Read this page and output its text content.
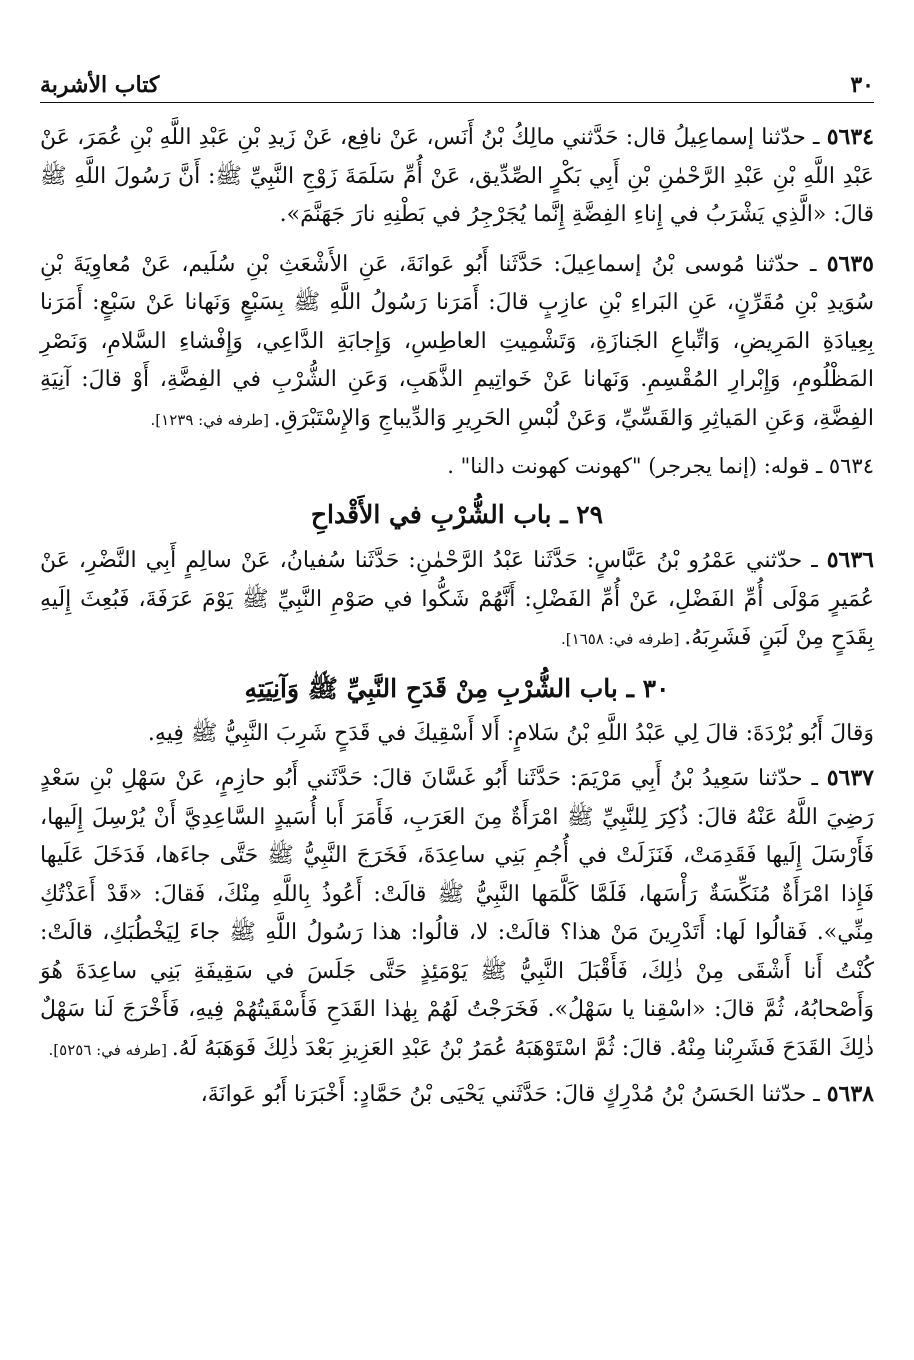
٣٠
كتاب الأشربة

٥٦٣٤ ـ حدّثنا إسماعِيلُ قال: حَدَّثني مالِكُ بْنُ أَنَس، عَنْ نافِع، عَنْ زَيدِ بْنِ عَبْدِ اللَّهِ بْنِ عُمَرَ، عَنْ عَبْدِ اللَّهِ بْنِ عَبْدِ الرَّحْمٰنِ بْنِ أَبِي بَكْرٍ الصِّدِّيق، عَنْ أُمِّ سَلَمَةَ زَوْجِ النَّبِيِّ ﷺ: أَنَّ رَسُولَ اللَّهِ ﷺ قالَ: «الَّذِي يَشْرَبُ في إِناءِ الفِضَّةِ إِنَّما يُجَرْجِرُ في بَطْنِهِ نارَ جَهَنَّمَ».

٥٦٣٥ ـ حدّثنا مُوسى بْنُ إسماعِيلَ: حَدَّثَنا أَبُو عَوانَةَ، عَنِ الأَشْعَثِ بْنِ سُلَيم، عَنْ مُعاوِيَةَ بْنِ سُوَيدِ بْنِ مُقَرِّنٍ، عَنِ البَراءِ بْنِ عازِبٍ قالَ: أَمَرَنا رَسُولُ اللَّهِ ﷺ بِسَبْعٍ وَنَهانا عَنْ سَبْعٍ: أَمَرَنا بِعِيادَةِ المَرِيضِ، وَاتِّباعِ الجَنازَةِ، وَتَشْمِيتِ العاطِسِ، وَإِجابَةِ الدَّاعِي، وَإِفْشاءِ السَّلامِ، وَنَصْرِ المَظْلُومِ، وَإِبْرارِ المُقْسِمِ. وَنَهانا عَنْ خَواتِيمِ الذَّهَبِ، وَعَنِ الشُّرْبِ في الفِضَّةِ، أَوْ قالَ: آنِيَةِ الفِضَّةِ، وَعَنِ المَياثِرِ وَالقَسِّيِّ، وَعَنْ لُبْسِ الحَرِيرِ وَالدِّيباجِ وَالإِسْتَبْرَقِ. [طرفه في: ١٢٣٩].

٥٦٣٤ ـ قوله: (إنما يجرجر) "كهونت كهونت دالنا" .

٢٩ ـ باب الشُّرْبِ في الأَقْداحِ

٥٦٣٦ ـ حدّثني عَمْرُو بْنُ عَبَّاسٍ: حَدَّثَنا عَبْدُ الرَّحْمٰنِ: حَدَّثَنا سُفيانُ، عَنْ سالِمٍ أَبِي النَّضْرِ، عَنْ عُمَيرٍ مَوْلَى أُمِّ الفَضْلِ، عَنْ أُمِّ الفَضْلِ: أَنَّهُمْ شَكُّوا في صَوْمِ النَّبِيِّ ﷺ يَوْمَ عَرَفَةَ، فَبُعِثَ إِلَيهِ بِقَدَحٍ مِنْ لَبَنٍ فَشَرِبَهُ. [طرفه في: ١٦٥٨].

٣٠ ـ باب الشُّرْبِ مِنْ قَدَحِ النَّبِيِّ ﷺ وَآنِيَتِهِ

وَقالَ أَبُو بُرْدَةَ: قالَ لِي عَبْدُ اللَّهِ بْنُ سَلامٍ: أَلا أَسْقِيكَ في قَدَحٍ شَرِبَ النَّبِيُّ ﷺ فِيهِ.

٥٦٣٧ ـ حدّثنا سَعِيدُ بْنُ أَبِي مَرْيَمَ: حَدَّثَنا أَبُو غَسَّانَ قالَ: حَدَّثَني أَبُو حازِمٍ، عَنْ سَهْلِ بْنِ سَعْدٍ رَضِيَ اللَّهُ عَنْهُ قالَ: ذُكِرَ لِلنَّبِيِّ ﷺ امْرَأَةٌ مِنَ العَرَبِ، فَأَمَرَ أَبا أُسَيدٍ السَّاعِدِيَّ أَنْ يُرْسِلَ إِلَيها، فَأَرْسَلَ إِلَيها فَقَدِمَتْ، فَنَزَلَتْ في أُجُمِ بَنِي ساعِدَةَ، فَخَرَجَ النَّبِيُّ ﷺ حَتَّى جاءَها، فَدَخَلَ عَلَيها فَإِذا امْرَأَةٌ مُنَكِّسَةٌ رَأْسَها، فَلَمَّا كَلَّمَها النَّبِيُّ ﷺ قالَتْ: أَعُوذُ بِاللَّهِ مِنْكَ، فَقالَ: «قَدْ أَعَذْتُكِ مِنِّي». فَقالُوا لَها: أَتَدْرِينَ مَنْ هذا؟ قالَتْ: لا، قالُوا: هذا رَسُولُ اللَّهِ ﷺ جاءَ لِيَخْطُبَكِ، قالَتْ: كُنْتُ أَنا أَشْقَى مِنْ ذٰلِكَ، فَأَقْبَلَ النَّبِيُّ ﷺ يَوْمَئِذٍ حَتَّى جَلَسَ في سَقِيفَةِ بَنِي ساعِدَةَ هُوَ وَأَصْحابُهُ، ثُمَّ قالَ: «اسْقِنا يا سَهْلُ». فَخَرَجْتُ لَهُمْ بِهٰذا القَدَحِ فَأَسْقَيتُهُمْ فِيهِ، فَأَخْرَجَ لَنا سَهْلٌ ذٰلِكَ القَدَحَ فَشَرِبْنا مِنْهُ. قالَ: ثُمَّ اسْتَوْهَبَهُ عُمَرُ بْنُ عَبْدِ العَزِيزِ بَعْدَ ذٰلِكَ فَوَهَبَهُ لَهُ. [طرفه في: ٥٢٥٦].

٥٦٣٨ ـ حدّثنا الحَسَنُ بْنُ مُدْرِكٍ قالَ: حَدَّثَني يَحْيَى بْنُ حَمَّادٍ: أَخْبَرَنا أَبُو عَوانَةَ،
